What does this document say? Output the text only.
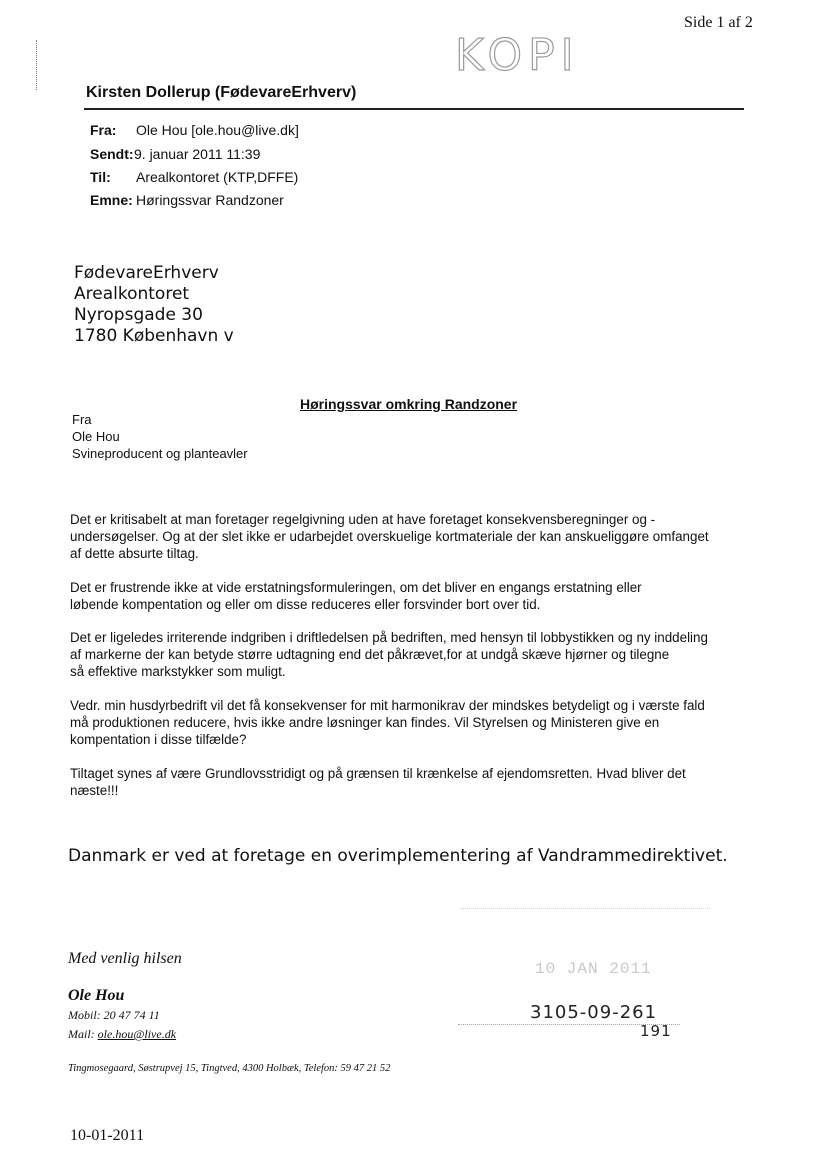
Side 1 af 2
KOPI
Kirsten Dollerup (FødevareErhverv)
Fra: Ole Hou [ole.hou@live.dk]
Sendt:9. januar 2011 11:39
Til: Arealkontoret (KTP,DFFE)
Emne: Høringssvar Randzoner
FødevareErhverv
Arealkontoret
Nyropsgade 30
1780 København v
Høringssvar omkring Randzoner
Fra
Ole Hou
Svineproducent og planteavler

Det er kritisabelt at man foretager regelgivning uden at have foretaget konsekvensberegninger og -

undersøgelser. Og at der slet ikke er udarbejdet overskuelige kortmateriale der kan anskueliggøre omfanget

af dette absurte tiltag.

Det er frustrende ikke at vide erstatningsformuleringen, om det bliver en engangs erstatning eller

løbende kompentation og eller om disse reduceres eller forsvinder bort over tid.

Det er ligeledes irriterende indgriben i driftledelsen på bedriften, med hensyn til lobbystikken og ny inddeling

af markerne der kan betyde større udtagning end det påkrævet,for at undgå skæve hjørner og tilegne

så effektive markstykker som muligt.

Vedr. min husdyrbedrift vil det få konsekvenser for mit harmonikrav der mindskes betydeligt og i værste fald

må produktionen reducere, hvis ikke andre løsninger kan findes. Vil Styrelsen og Ministeren give en

kompentation i disse tilfælde?

Tiltaget synes af være Grundlovsstridigt og på grænsen til krænkelse af ejendomsretten. Hvad bliver det

næste!!!

Danmark er ved at foretage en overimplementering af Vandrammedirektivet.
Med venlig hilsen
Ole Hou
Mobil: 20 47 74 11
Mail: ole.hou@live.dk
Tingmosegaard, Søstrupvej 15, Tingtved, 4300 Holbæk, Telefon: 59 47 21 52
10 JAN 2011
3105-09-261
191
10-01-2011
